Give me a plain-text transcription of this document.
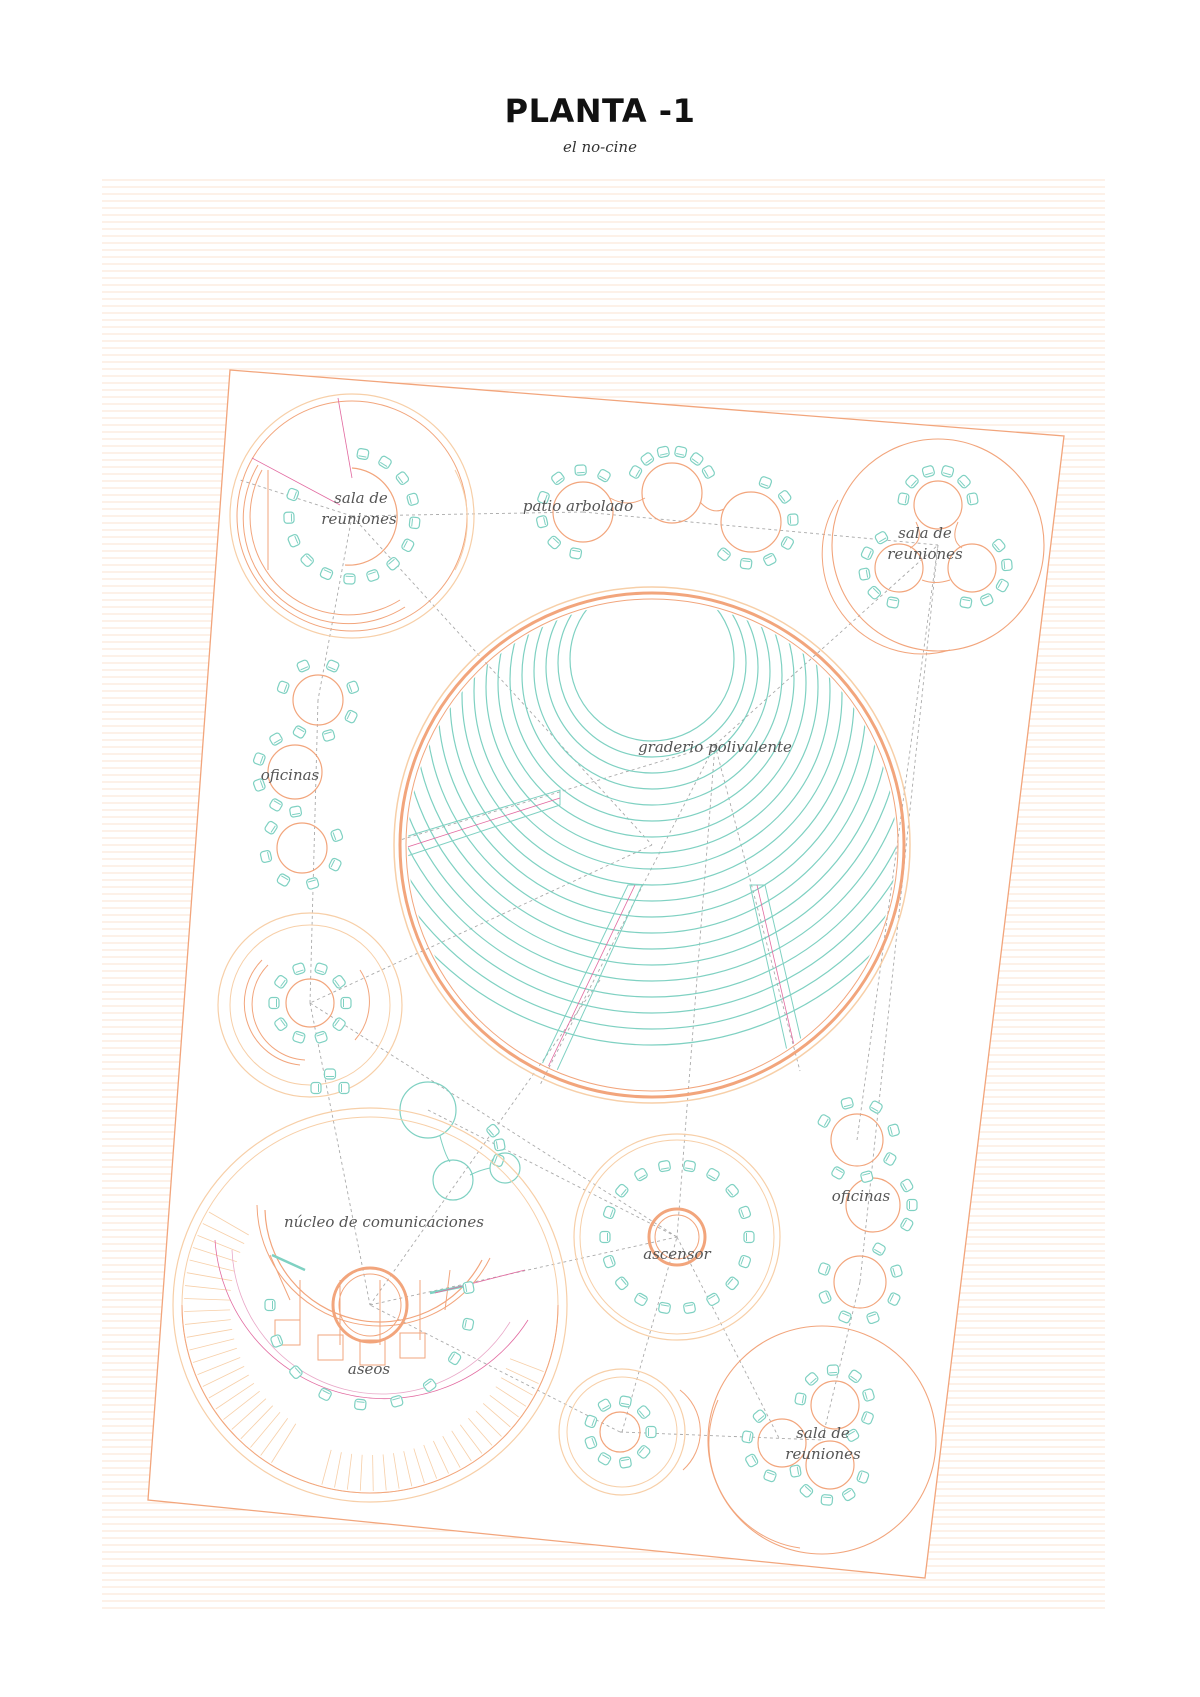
PLANTA -1
el no-cine
sala de
reuniones
patio arbolado
sala de
reuniones
graderio polivalente
oficinas
núcleo de comunicaciones
ascensor
oficinas
aseos
sala de
reuniones
